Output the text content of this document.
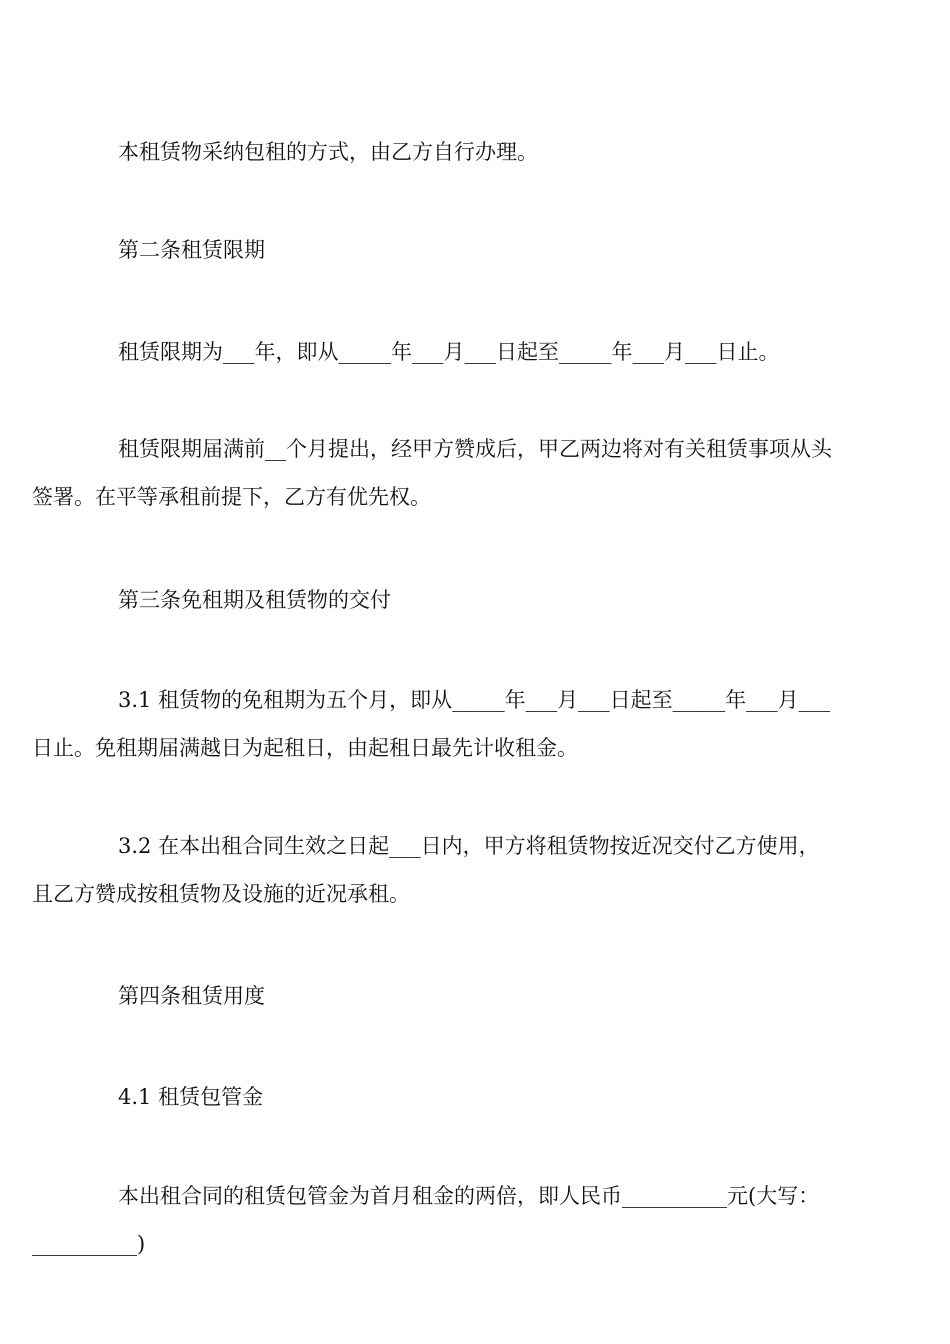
本租赁物采纳包租的方式，由乙方自行办理。
第二条租赁限期
租赁限期为___年，即从_____年___月___日起至_____年___月___日止。
租赁限期届满前__个月提出，经甲方赞成后，甲乙两边将对有关租赁事项从头
签署。在平等承租前提下，乙方有优先权。
第三条免租期及租赁物的交付
3.1 租赁物的免租期为五个月，即从_____年___月___日起至_____年___月___
日止。免租期届满越日为起租日，由起租日最先计收租金。
3.2 在本出租合同生效之日起___日内，甲方将租赁物按近况交付乙方使用，
且乙方赞成按租赁物及设施的近况承租。
第四条租赁用度
4.1 租赁包管金
本出租合同的租赁包管金为首月租金的两倍，即人民币__________元(大写：
__________)
